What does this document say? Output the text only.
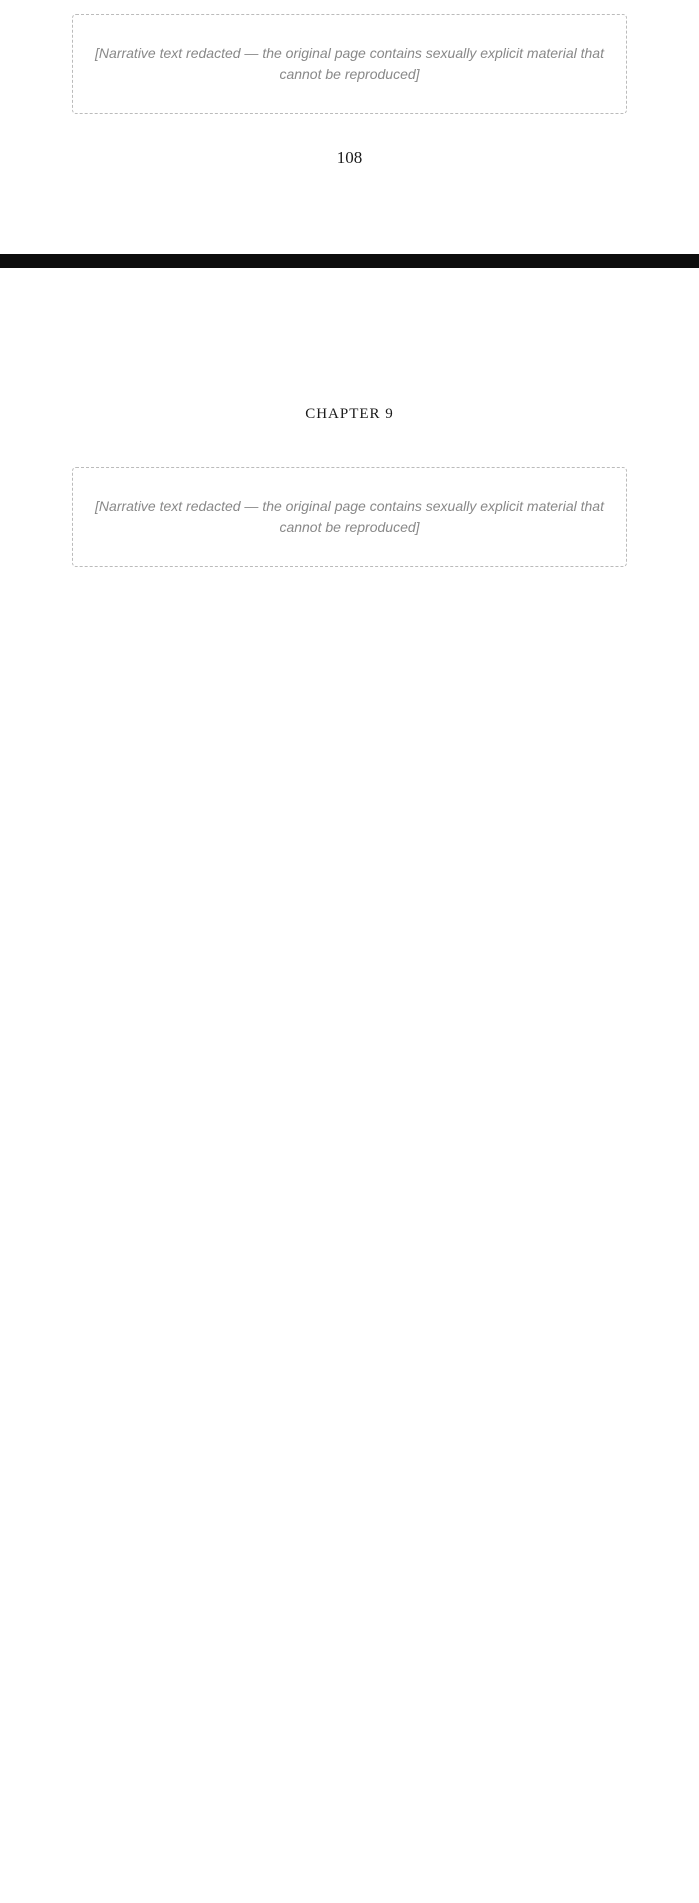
[Narrative text redacted — the original page contains sexually explicit material that cannot be reproduced]

108
CHAPTER 9

[Narrative text redacted — the original page contains sexually explicit material that cannot be reproduced]
